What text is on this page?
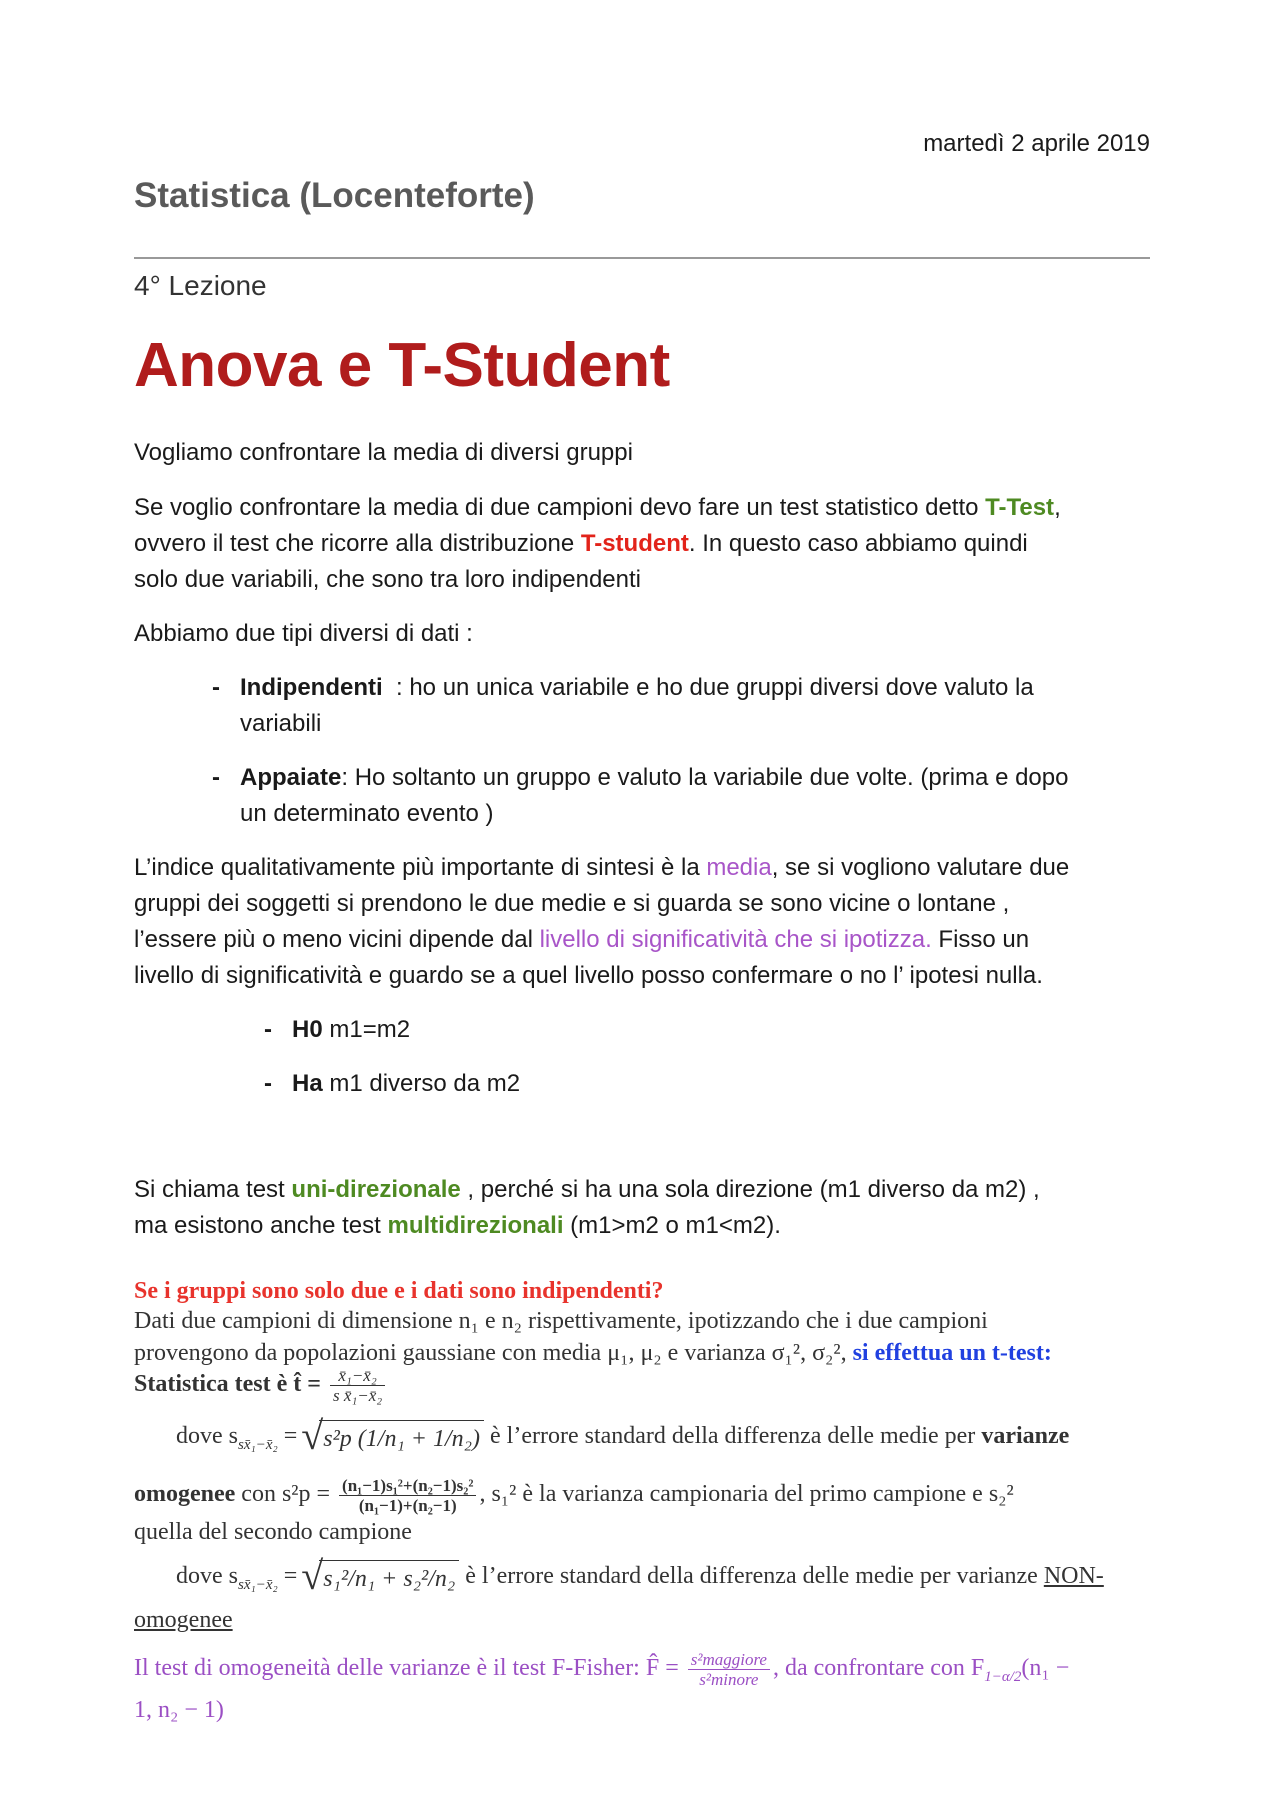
martedì 2 aprile 2019
Statistica (Locenteforte)
4° Lezione
Anova e T-Student
Vogliamo confrontare la media di diversi gruppi
Se voglio confrontare la media di due campioni devo fare un test statistico detto T-Test,
ovvero il test che ricorre alla distribuzione T-student. In questo caso abbiamo quindi
solo due variabili, che sono tra loro indipendenti
Abbiamo due tipi diversi di dati :
- Indipendenti  : ho un unica variabile e ho due gruppi diversi dove valuto la
variabili
- Appaiate: Ho soltanto un gruppo e valuto la variabile due volte. (prima e dopo
un determinato evento )
L’indice qualitativamente più importante di sintesi è la media, se si vogliono valutare due
gruppi dei soggetti si prendono le due medie e si guarda se sono vicine o lontane ,
l’essere più o meno vicini dipende dal livello di significatività che si ipotizza. Fisso un
livello di significatività e guardo se a quel livello posso confermare o no l’ ipotesi nulla.
- H0 m1=m2
- Ha m1 diverso da m2
Si chiama test uni-direzionale , perché si ha una sola direzione (m1 diverso da m2) ,
ma esistono anche test multidirezionali (m1>m2 o m1<m2).
Se i gruppi sono solo due e i dati sono indipendenti?
Dati due campioni di dimensione n₁ e n₂ rispettivamente, ipotizzando che i due campioni
provengono da popolazioni gaussiane con media μ₁, μ₂ e varianza σ₁², σ₂², si effettua un t-test:
Statistica test è t̂ = $\frac{\text{x̄₁−x̄₂}}{\text{s x̄₁−x̄₂}}$
dove $s_{sx̄_1-x̄_2}$ = √ s²p (1/n₁ + 1/n₂) è l’errore standard della differenza delle medie per varianze
omogenee con $s^2p = \frac{\text{(n₁−1)s₁²+(n₂−1)s₂²}}{\text{(n₁−1)+(n₂−1)}}$ , s₁² è la varianza campionaria del primo campione e s₂²
quella del secondo campione
dove $s_{sx̄_1-x̄_2}$ = √ s₁²/n₁ + s₂²/n₂ è l’errore standard della differenza delle medie per varianze NON-
omogenee
Il test di omogeneità delle varianze è il test F-Fisher: F̂ = $\frac{\text{s²maggiore}}{\text{s²minore}}$ , da confrontare con $F_{1-\alpha/2}(n_1$ −
1, n₂ − 1)
